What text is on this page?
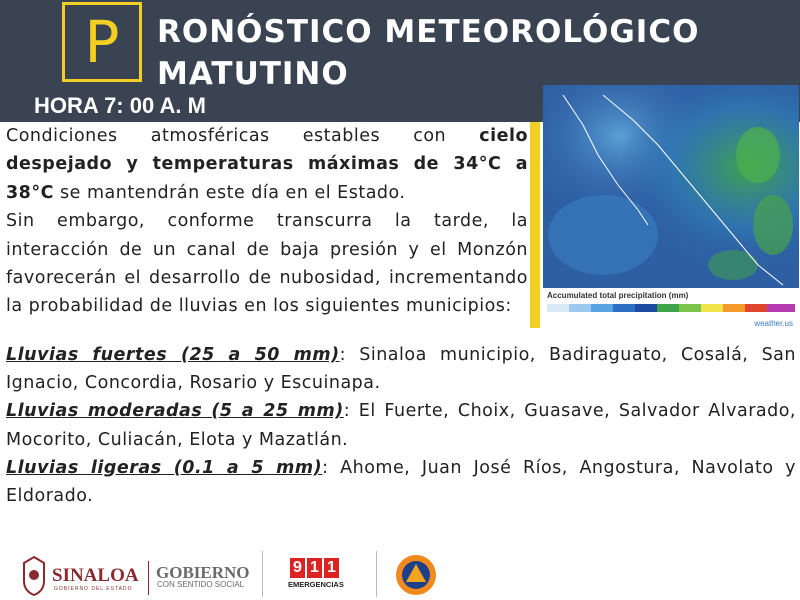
P RONÓSTICO METEOROLÓGICO
MATUTINO
HORA 7: 00 A. M
Accumulated total precipitation (mm)
weather.us

Condiciones atmosféricas estables con cielo despejado y temperaturas máximas de 34°C a 38°C se mantendrán este día en el Estado.

Sin embargo, conforme transcurra la tarde, la interacción de un canal de baja presión y el Monzón favorecerán el desarrollo de nubosidad, incrementando la probabilidad de lluvias en los siguientes municipios:

Lluvias fuertes (25 a 50 mm): Sinaloa municipio, Badiraguato, Cosalá, San Ignacio, Concordia, Rosario y Escuinapa.

Lluvias moderadas (5 a 25 mm): El Fuerte, Choix, Guasave, Salvador Alvarado, Mocorito, Culiacán, Elota y Mazatlán.

Lluvias ligeras (0.1 a 5 mm): Ahome, Juan José Ríos, Angostura, Navolato y Eldorado.

SINALOA
GOBIERNO DEL ESTADO
GOBIERNO
CON SENTIDO SOCIAL
9 1 1
EMERGENCIAS
